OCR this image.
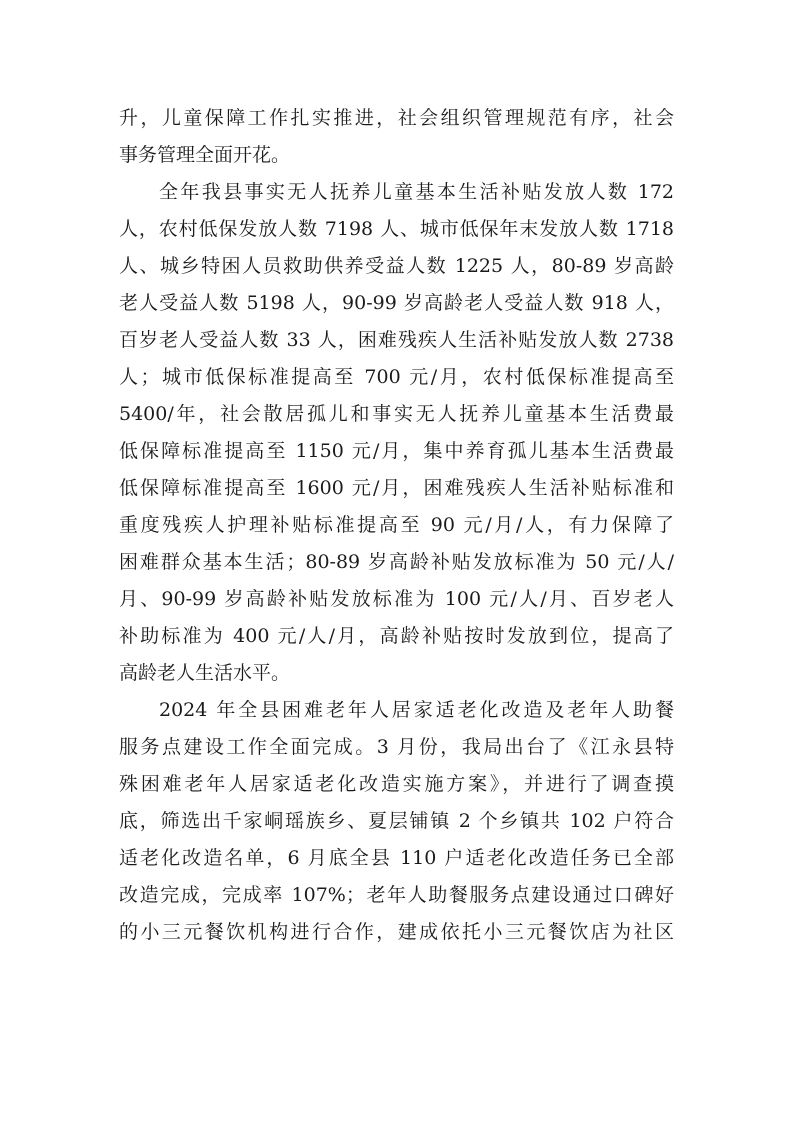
升，儿童保障工作扎实推进，社会组织管理规范有序，社会
事务管理全面开花。
全年我县事实无人抚养儿童基本生活补贴发放人数 172
人，农村低保发放人数 7198 人、城市低保年末发放人数 1718
人、城乡特困人员救助供养受益人数 1225 人，80-89 岁高龄
老人受益人数 5198 人，90-99 岁高龄老人受益人数 918 人，
百岁老人受益人数 33 人，困难残疾人生活补贴发放人数 2738
人；城市低保标准提高至 700 元/月，农村低保标准提高至
5400/年，社会散居孤儿和事实无人抚养儿童基本生活费最
低保障标准提高至 1150 元/月，集中养育孤儿基本生活费最
低保障标准提高至 1600 元/月，困难残疾人生活补贴标准和
重度残疾人护理补贴标准提高至 90 元/月/人，有力保障了
困难群众基本生活；80-89 岁高龄补贴发放标准为 50 元/人/
月、90-99 岁高龄补贴发放标准为 100 元/人/月、百岁老人
补助标准为 400 元/人/月，高龄补贴按时发放到位，提高了
高龄老人生活水平。
2024 年全县困难老年人居家适老化改造及老年人助餐
服务点建设工作全面完成。3 月份，我局出台了《江永县特
殊困难老年人居家适老化改造实施方案》，并进行了调查摸
底，筛选出千家峒瑶族乡、夏层铺镇 2 个乡镇共 102 户符合
适老化改造名单，6 月底全县 110 户适老化改造任务已全部
改造完成，完成率 107%；老年人助餐服务点建设通过口碑好
的小三元餐饮机构进行合作，建成依托小三元餐饮店为社区
